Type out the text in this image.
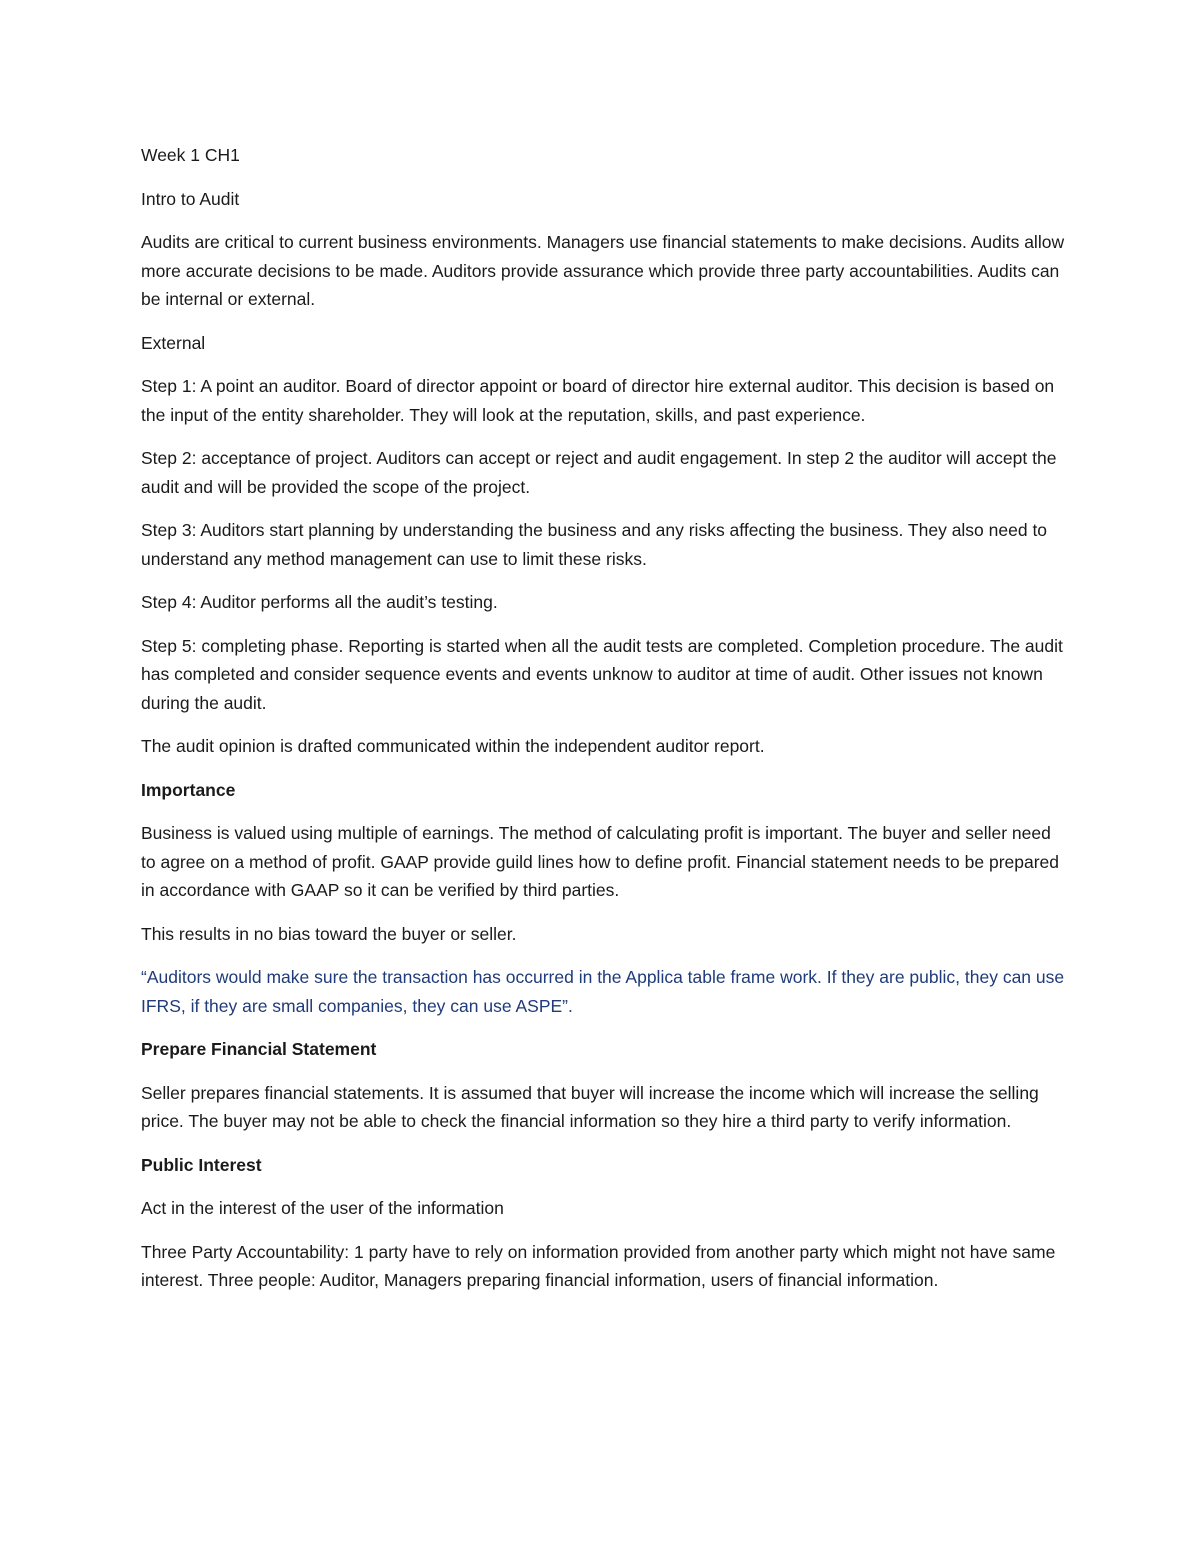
Week 1 CH1

Intro to Audit

Audits are critical to current business environments. Managers use financial statements to make decisions. Audits allow more accurate decisions to be made. Auditors provide assurance which provide three party accountabilities. Audits can be internal or external.

External

Step 1: A point an auditor. Board of director appoint or board of director hire external auditor. This decision is based on the input of the entity shareholder. They will look at the reputation, skills, and past experience.

Step 2: acceptance of project. Auditors can accept or reject and audit engagement. In step 2 the auditor will accept the audit and will be provided the scope of the project.

Step 3: Auditors start planning by understanding the business and any risks affecting the business. They also need to understand any method management can use to limit these risks.

Step 4: Auditor performs all the audit’s testing.

Step 5: completing phase. Reporting is started when all the audit tests are completed. Completion procedure. The audit has completed and consider sequence events and events unknow to auditor at time of audit. Other issues not known during the audit.

The audit opinion is drafted communicated within the independent auditor report.

Importance

Business is valued using multiple of earnings. The method of calculating profit is important. The buyer and seller need to agree on a method of profit. GAAP provide guild lines how to define profit. Financial statement needs to be prepared in accordance with GAAP so it can be verified by third parties.

This results in no bias toward the buyer or seller.

“Auditors would make sure the transaction has occurred in the Applica table frame work. If they are public, they can use IFRS, if they are small companies, they can use ASPE”.

Prepare Financial Statement

Seller prepares financial statements. It is assumed that buyer will increase the income which will increase the selling price. The buyer may not be able to check the financial information so they hire a third party to verify information.

Public Interest

Act in the interest of the user of the information

Three Party Accountability: 1 party have to rely on information provided from another party which might not have same interest. Three people: Auditor, Managers preparing financial information, users of financial information.
